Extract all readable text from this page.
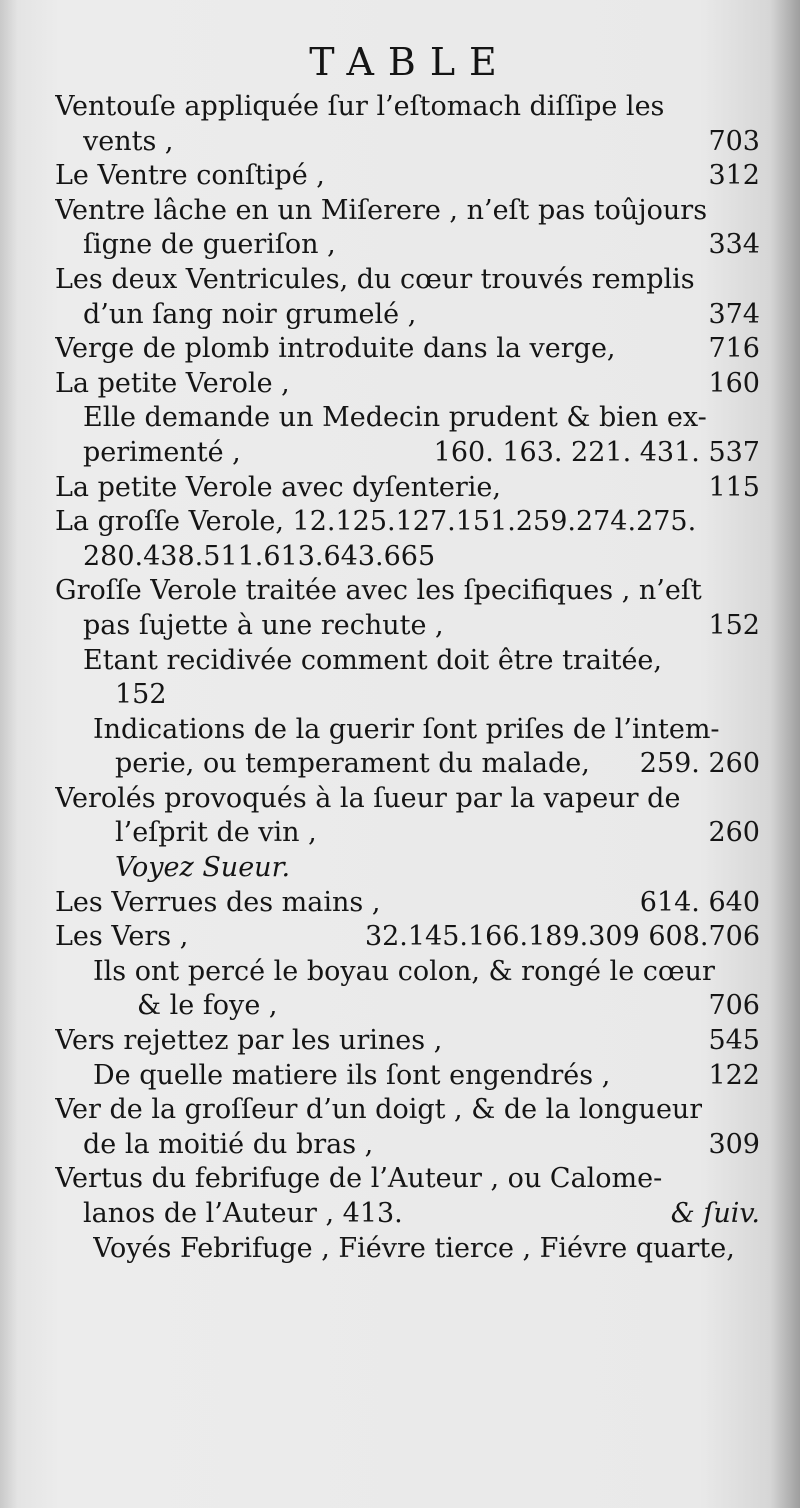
TABLE
Ventouſe appliquée ſur l’eſtomach diſſipe les
vents ,	703
Le Ventre conſtipé ,	312
Ventre lâche en un Miſerere , n’eſt pas toûjours
ſigne de gueriſon ,	334
Les deux Ventricules, du cœur trouvés remplis
d’un ſang noir grumelé ,	374
Verge de plomb introduite dans la verge,	716
La petite Verole ,	160
Elle demande un Medecin prudent & bien ex-
perimenté ,	160. 163. 221. 431. 537
La petite Verole avec dyſenterie,	115
La groſſe Verole, 12.125.127.151.259.274.275.
280.438.511.613.643.665
Groſſe Verole traitée avec les ſpecifiques , n’eſt
pas ſujette à une rechute ,	152
Etant recidivée comment doit être traitée,
152
Indications de la guerir ſont priſes de l’intem-
perie, ou temperament du malade,	259. 260
Verolés provoqués à la ſueur par la vapeur de
l’eſprit de vin ,	260
Voyez Sueur.
Les Verrues des mains ,	614. 640
Les Vers ,	32.145.166.189.309 608.706
Ils ont percé le boyau colon, & rongé le cœur
& le foye ,	706
Vers rejettez par les urines ,	545
De quelle matiere ils ſont engendrés ,	122
Ver de la groſſeur d’un doigt , & de la longueur
de la moitié du bras ,	309
Vertus du febrifuge de l’Auteur , ou Calome-
lanos de l’Auteur , 413.	& ſuiv.
Voyés Febrifuge , Fiévre tierce , Fiévre quarte,
